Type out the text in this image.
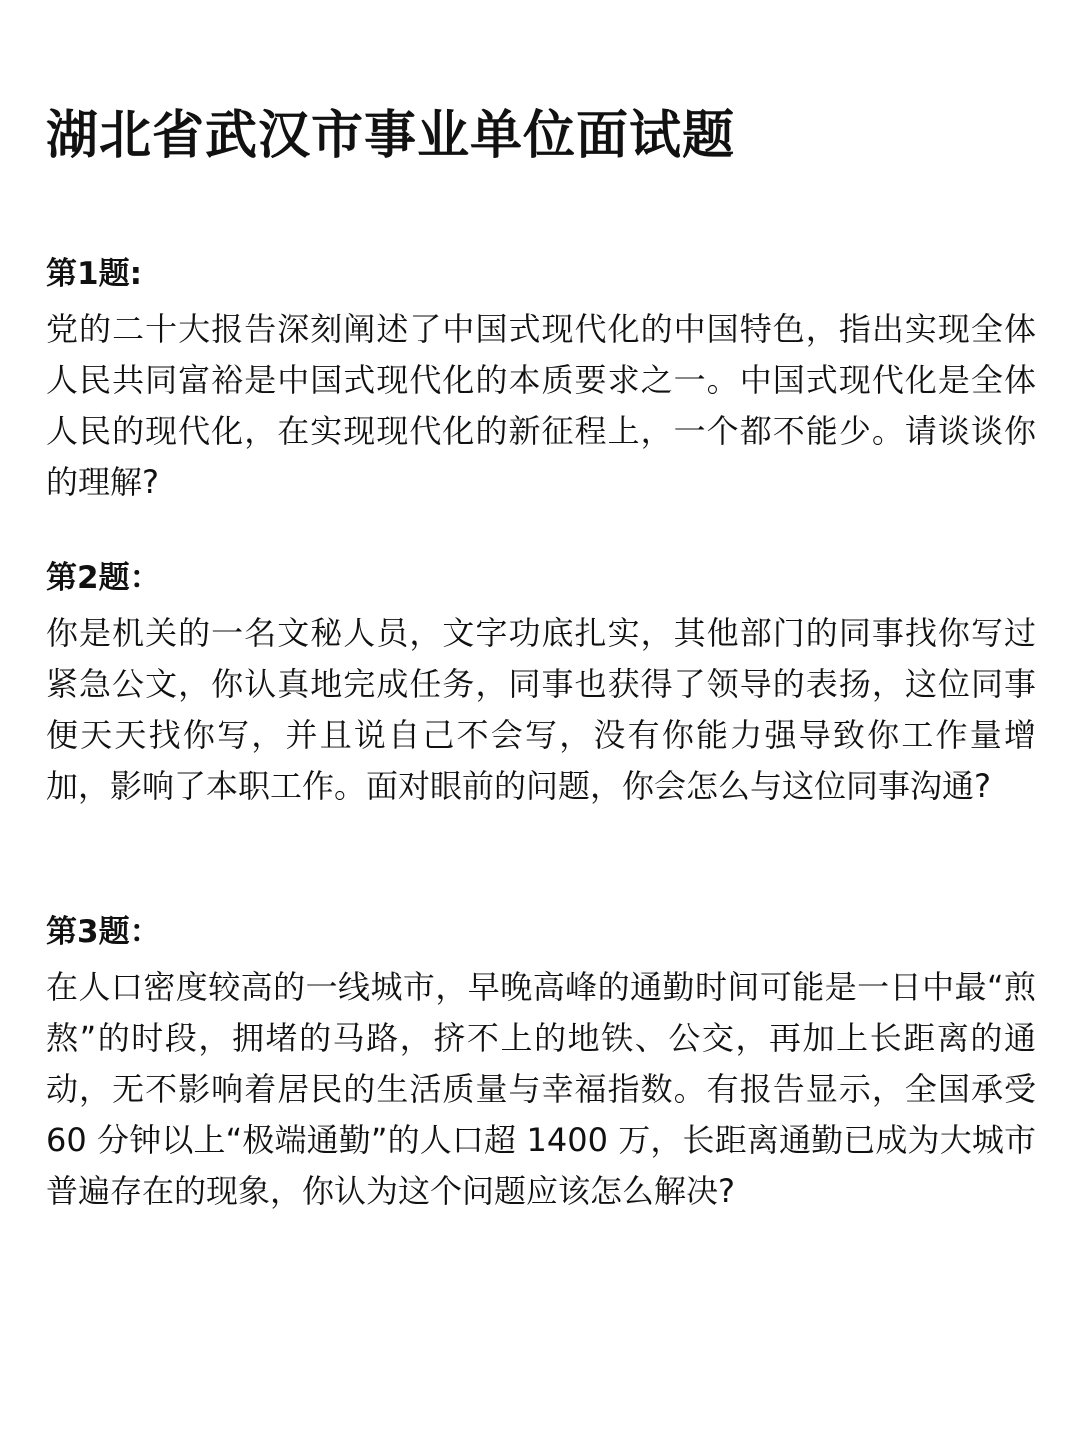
湖北省武汉市事业单位面试题
第1题:

党的二十大报告深刻阐述了中国式现代化的中国特色，指出实现全体人民共同富裕是中国式现代化的本质要求之一。中国式现代化是全体人民的现代化，在实现现代化的新征程上，一个都不能少。请谈谈你的理解?

第2题：

你是机关的一名文秘人员，文字功底扎实，其他部门的同事找你写过紧急公文，你认真地完成任务，同事也获得了领导的表扬，这位同事便天天找你写，并且说自己不会写，没有你能力强导致你工作量增加，影响了本职工作。面对眼前的问题，你会怎么与这位同事沟通?

第3题：

在人口密度较高的一线城市，早晚高峰的通勤时间可能是一日中最“煎熬”的时段，拥堵的马路，挤不上的地铁、公交，再加上长距离的通动，无不影响着居民的生活质量与幸福指数。有报告显示，全国承受 60 分钟以上“极端通勤”的人口超 1400 万，长距离通勤已成为大城市普遍存在的现象，你认为这个问题应该怎么解决?
